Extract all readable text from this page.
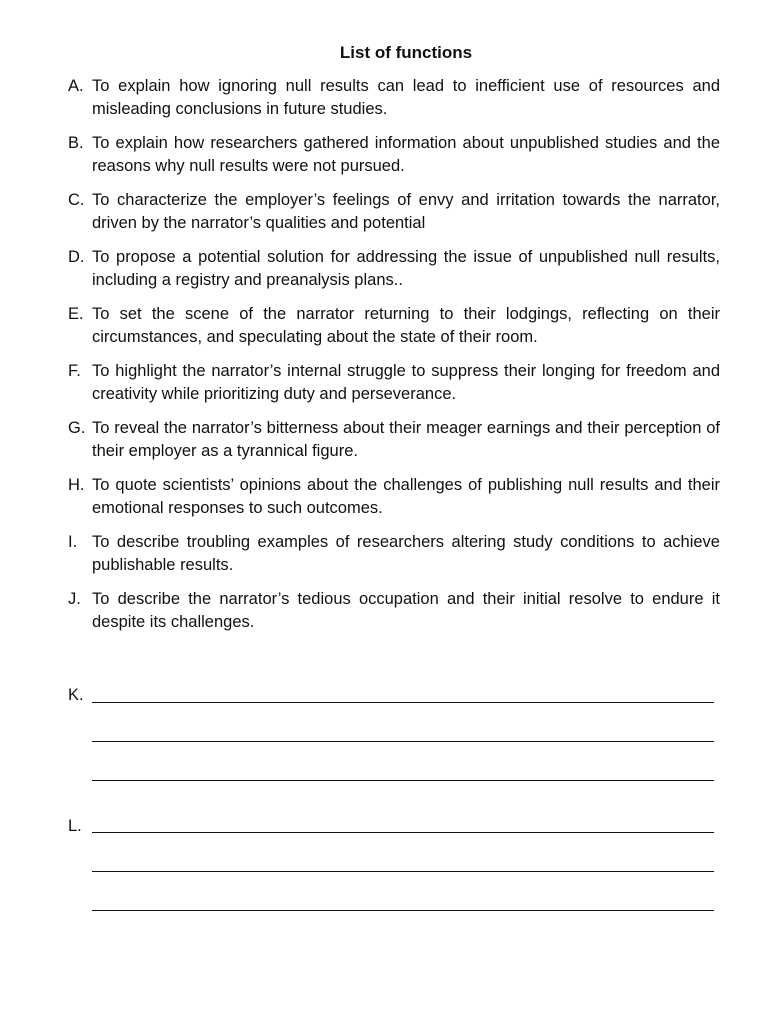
List of functions
A. To explain how ignoring null results can lead to inefficient use of resources and misleading conclusions in future studies.
B. To explain how researchers gathered information about unpublished studies and the reasons why null results were not pursued.
C. To characterize the employer’s feelings of envy and irritation towards the narrator, driven by the narrator’s qualities and potential
D. To propose a potential solution for addressing the issue of unpublished null results, including a registry and preanalysis plans..
E. To set the scene of the narrator returning to their lodgings, reflecting on their circumstances, and speculating about the state of their room.
F. To highlight the narrator’s internal struggle to suppress their longing for freedom and creativity while prioritizing duty and perseverance.
G. To reveal the narrator’s bitterness about their meager earnings and their perception of their employer as a tyrannical figure.
H. To quote scientists’ opinions about the challenges of publishing null results and their emotional responses to such outcomes.
I. To describe troubling examples of researchers altering study conditions to achieve publishable results.
J. To describe the narrator’s tedious occupation and their initial resolve to endure it despite its challenges.
K.
L.
